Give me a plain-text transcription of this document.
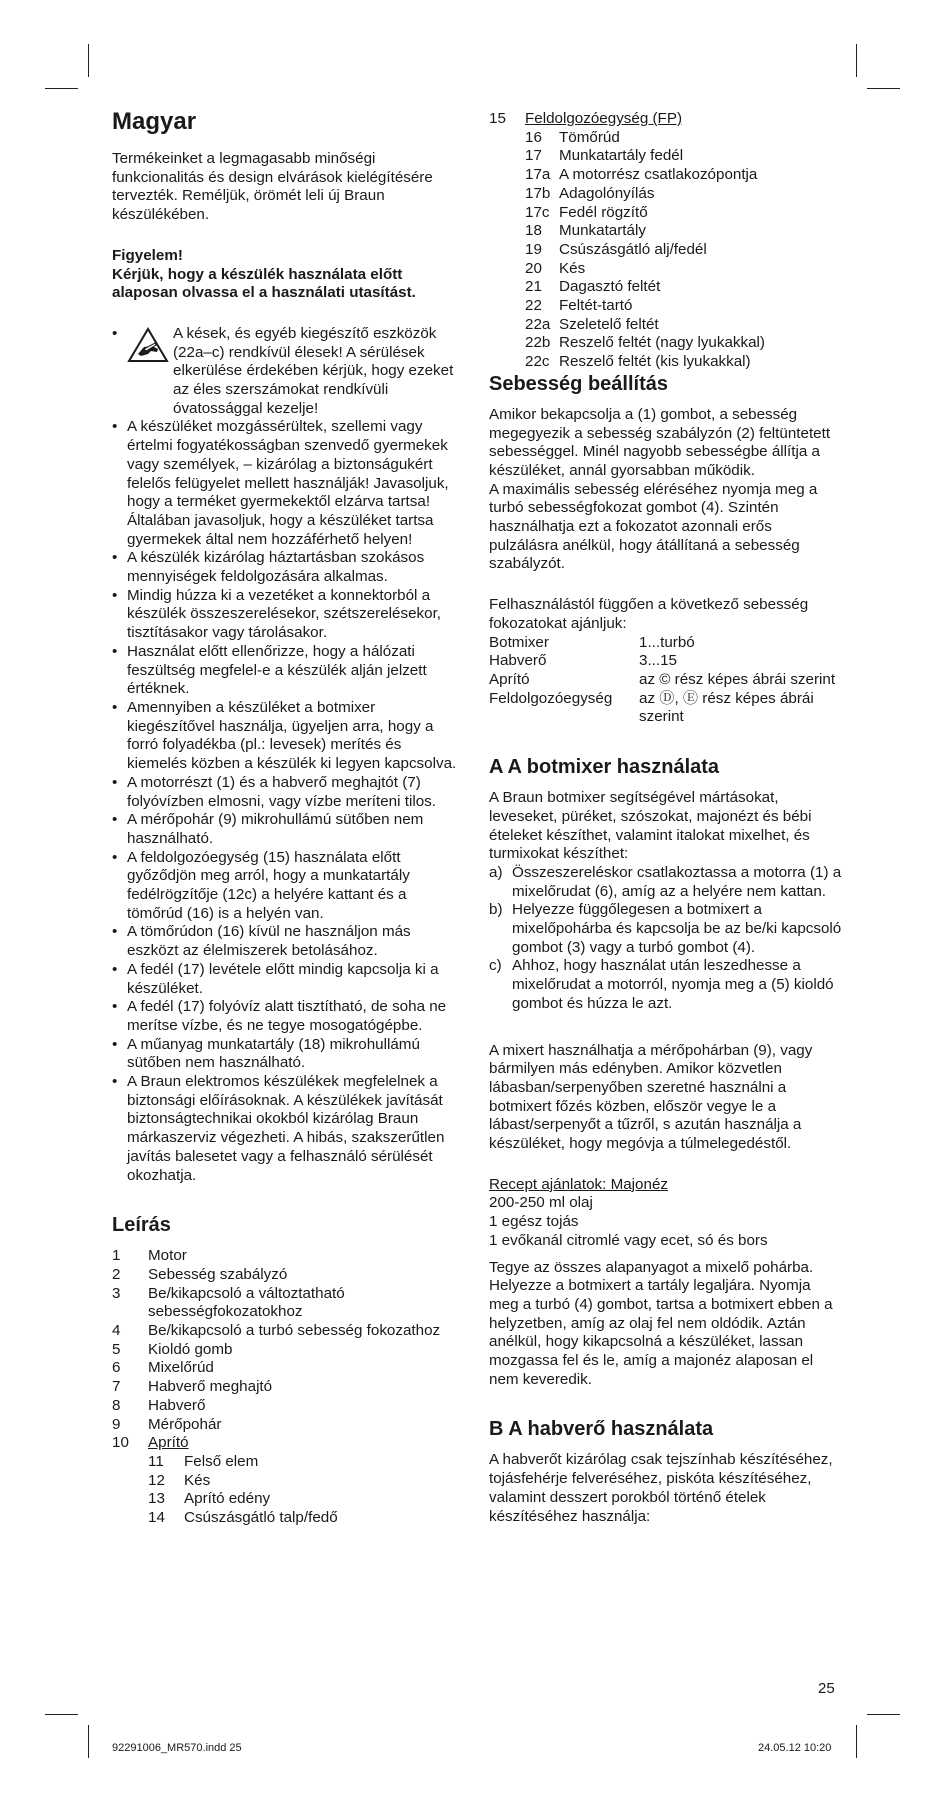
Magyar

Termékeinket a legmagasabb minőségi funkcionalitás és design elvárások kielégítésére tervezték. Reméljük, örömét leli új Braun készülékében.

Figyelem!

Kérjük, hogy a készülék használata előtt alaposan olvassa el a használati utasítást.

• A kések, és egyéb kiegészítő eszközök (22a–c) rendkívül élesek! A sérülések elkerülése érdekében kérjük, hogy ezeket az éles szerszámokat rendkívüli óvatossággal kezelje!
• A készüléket mozgássérültek, szellemi vagy értelmi fogyatékosságban szenvedő gyermekek vagy személyek, – kizárólag a biztonságukért felelős felügyelet mellett használják! Javasoljuk, hogy a terméket gyermekektől elzárva tartsa! Általában javasoljuk, hogy a készüléket tartsa gyermekek által nem hozzáférhető helyen!
• A készülék kizárólag háztartásban szokásos mennyiségek feldolgozására alkalmas.
• Mindig húzza ki a vezetéket a konnektorból a készülék összeszerelésekor, szétszerelésekor, tisztításakor vagy tárolásakor.
• Használat előtt ellenőrizze, hogy a hálózati feszültség megfelel-e a készülék alján jelzett értéknek.
• Amennyiben a készüléket a botmixer kiegészítővel használja, ügyeljen arra, hogy a forró folyadékba (pl.: levesek) merítés és kiemelés közben a készülék ki legyen kapcsolva.
• A motorrészt (1) és a habverő meghajtót (7) folyóvízben elmosni, vagy vízbe meríteni tilos.
• A mérőpohár (9) mikrohullámú sütőben nem használható.
• A feldolgozóegység (15) használata előtt győződjön meg arról, hogy a munkatartály fedélrögzítője (12c) a helyére kattant és a tömőrúd (16) is a helyén van.
• A tömőrúdon (16) kívül ne használjon más eszközt az élelmiszerek betolásához.
• A fedél (17) levétele előtt mindig kapcsolja ki a készüléket.
• A fedél (17) folyóvíz alatt tisztítható, de soha ne merítse vízbe, és ne tegye mosogatógépbe.
• A műanyag munkatartály (18) mikrohullámú sütőben nem használható.
• A Braun elektromos készülékek megfelelnek a biztonsági előírásoknak. A készülékek javítását biztonságtechnikai okokból kizárólag Braun márkaszerviz végezheti. A hibás, szakszerűtlen javítás balesetet vagy a felhasználó sérülését okozhatja.
Leírás
1	Motor
2	Sebesség szabályzó
3	Be/kikapcsoló a változtatható sebességfokozatokhoz
4	Be/kikapcsoló a turbó sebesség fokozathoz
5	Kioldó gomb
6	Mixelőrúd
7	Habverő meghajtó
8	Habverő
9	Mérőpohár
10	Aprító
11	Felső elem
12	Kés
13	Aprító edény
14	Csúszásgátló talp/fedő
15	Feldolgozóegység (FP)
16	Tömőrúd
17	Munkatartály fedél
17a A motorrész csatlakozópontja
17b Adagolónyílás
17c Fedél rögzítő
18	Munkatartály
19	Csúszásgátló alj/fedél
20	Kés
21	Dagasztó feltét
22	Feltét-tartó
22a Szeletelő feltét
22b Reszelő feltét (nagy lyukakkal)
22c Reszelő feltét (kis lyukakkal)
Sebesség beállítás

Amikor bekapcsolja a (1) gombot, a sebesség megegyezik a sebesség szabályzón (2) feltüntetett sebességgel. Minél nagyobb sebességbe állítja a készüléket, annál gyorsabban működik.

A maximális sebesség eléréséhez nyomja meg a turbó sebességfokozat gombot (4). Szintén használhatja ezt a fokozatot azonnali erős pulzálásra anélkül, hogy átállítaná a sebesség szabályzót.

Felhasználástól függően a következő sebesség fokozatokat ajánljuk:

Botmixer	1...turbó
Habverő	3...15
Aprító	az © rész képes ábrái szerint
Feldolgozóegység	az Ⓓ, Ⓔ rész képes ábrái szerint
A A botmixer használata

A Braun botmixer segítségével mártásokat, leveseket, püréket, szószokat, majonézt és bébi ételeket készíthet, valamint italokat mixelhet, és turmixokat készíthet:

a) Összeszereléskor csatlakoztassa a motorra (1) a mixelőrudat (6), amíg az a helyére nem kattan.
b) Helyezze függőlegesen a botmixert a mixelőpohárba és kapcsolja be az be/ki kapcsoló gombot (3) vagy a turbó gombot (4).
c) Ahhoz, hogy használat után leszedhesse a mixelőrudat a motorról, nyomja meg a (5) kioldó gombot és húzza le azt.

A mixert használhatja a mérőpohárban (9), vagy bármilyen más edényben. Amikor közvetlen lábasban/serpenyőben szeretné használni a botmixert főzés közben, először vegye le a lábast/serpenyőt a tűzről, s azután használja a készüléket, hogy megóvja a túlmelegedéstől.

Recept ajánlatok: Majonéz

200-250 ml olaj
1 egész tojás
1 evőkanál citromlé vagy ecet, só és bors

Tegye az összes alapanyagot a mixelő pohárba. Helyezze a botmixert a tartály legaljára. Nyomja meg a turbó (4) gombot, tartsa a botmixert ebben a helyzetben, amíg az olaj fel nem oldódik. Aztán anélkül, hogy kikapcsolná a készüléket, lassan mozgassa fel és le, amíg a majonéz alaposan el nem keveredik.

B A habverő használata

A habverőt kizárólag csak tejszínhab készítéséhez, tojásfehérje felveréséhez, piskóta készítéséhez, valamint desszert porokból történő ételek készítéséhez használja:

25
92291006_MR570.indd 25	24.05.12 10:20
